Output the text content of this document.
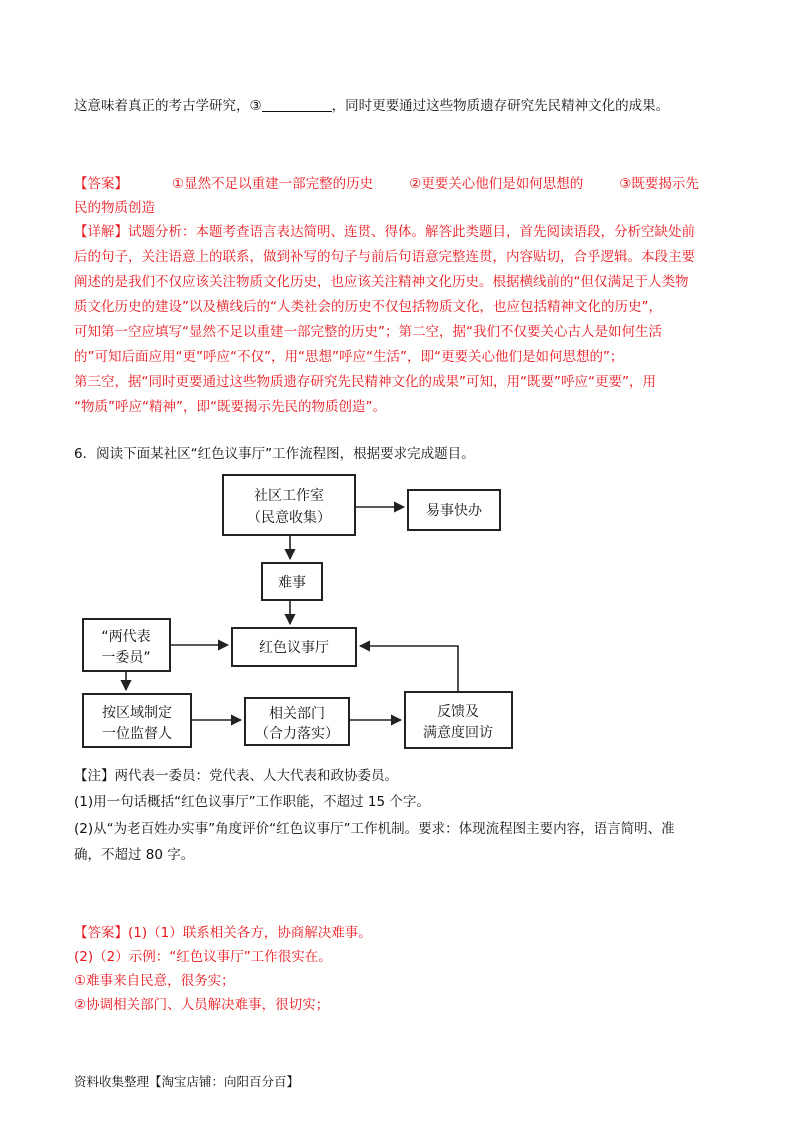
这意味着真正的考古学研究，③	，同时更要通过这些物质遗存研究先民精神文化的成果。
【答案】	①显然不足以重建一部完整的历史	②更要关心他们是如何思想的	③既要揭示先
民的物质创造
【详解】试题分析：本题考查语言表达简明、连贯、得体。解答此类题目，首先阅读语段，分析空缺处前
后的句子，关注语意上的联系，做到补写的句子与前后句语意完整连贯，内容贴切，合乎逻辑。本段主要
阐述的是我们不仅应该关注物质文化历史，也应该关注精神文化历史。根据横线前的“但仅满足于人类物
质文化历史的建设”以及横线后的“人类社会的历史不仅包括物质文化，也应包括精神文化的历史”，
可知第一空应填写“显然不足以重建一部完整的历史”；第二空，据“我们不仅要关心古人是如何生活
的”可知后面应用“更”呼应“不仅”，用“思想”呼应“生活”，即“更要关心他们是如何思想的”；
第三空，据“同时更要通过这些物质遗存研究先民精神文化的成果”可知，用“既要”呼应“更要”，用
“物质”呼应“精神”，即“既要揭示先民的物质创造”。
6．阅读下面某社区“红色议事厅”工作流程图，根据要求完成题目。
社区工作室
（民意收集）	易事快办
难事
“两代表
一委员”
红色议事厅
按区域制定
一位监督人
相关部门
（合力落实）
反馈及
满意度回访
【注】两代表一委员：党代表、人大代表和政协委员。
(1)用一句话概括“红色议事厅”工作职能，不超过 15 个字。
(2)从“为老百姓办实事”角度评价“红色议事厅”工作机制。要求：体现流程图主要内容，语言简明、准
确，不超过 80 字。
【答案】(1)（1）联系相关各方，协商解决难事。
(2)（2）示例：“红色议事厅”工作很实在。
①难事来自民意，很务实；
②协调相关部门、人员解决难事，很切实；
资料收集整理【淘宝店铺：向阳百分百】
